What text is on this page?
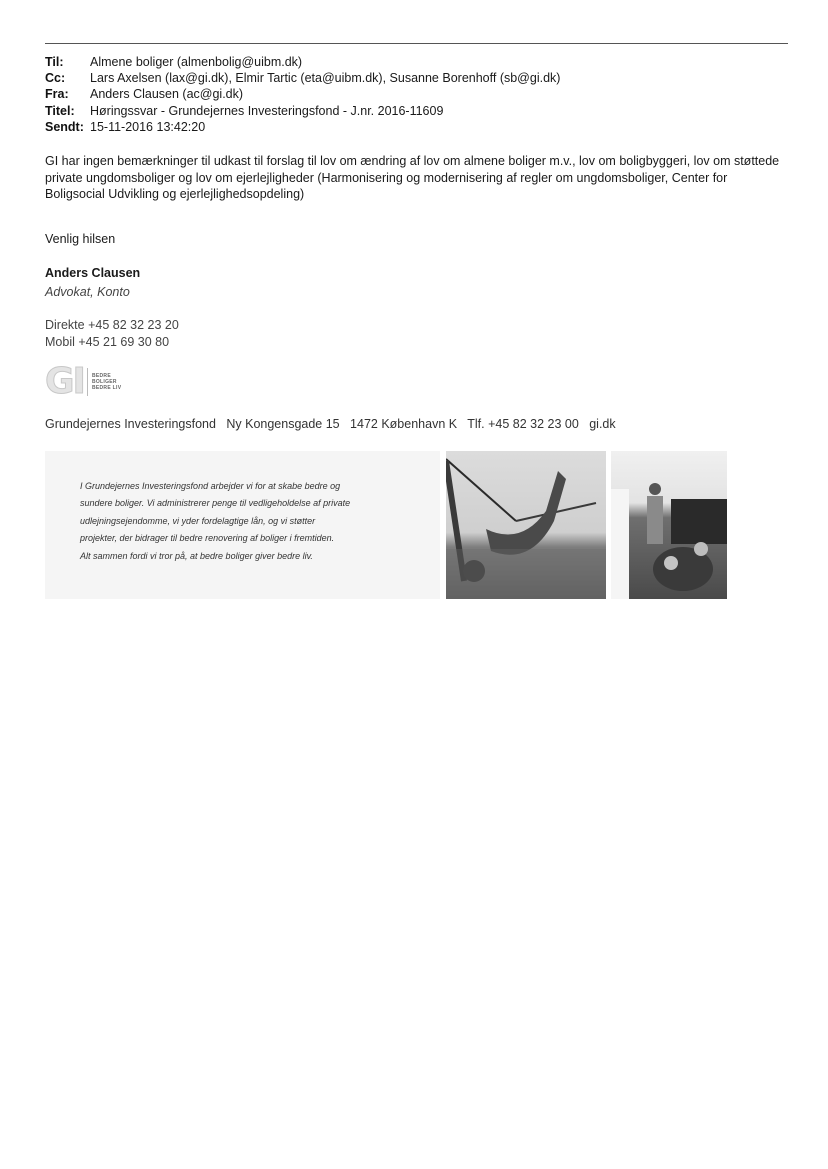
Til:	Almene boliger (almenbolig@uibm.dk)
Cc:	Lars Axelsen (lax@gi.dk), Elmir Tartic (eta@uibm.dk), Susanne Borenhoff (sb@gi.dk)
Fra:	Anders Clausen (ac@gi.dk)
Titel:	Høringssvar - Grundejernes Investeringsfond - J.nr. 2016-11609
Sendt: 15-11-2016 13:42:20
GI har ingen bemærkninger til udkast til forslag til lov om ændring af lov om almene boliger m.v., lov om boligbyggeri, lov om støttede private ungdomsboliger og lov om ejerlejligheder (Harmonisering og modernisering af regler om ungdomsboliger, Center for Boligsocial Udvikling og ejerlejlighedsopdeling)
Venlig hilsen
Anders Clausen
Advokat, Konto
Direkte +45 82 32 23 20
Mobil +45 21 69 30 80
GI BEDRE
BOLIGER
BEDRE LIV
Grundejernes Investeringsfond   Ny Kongensgade 15   1472 København K   Tlf. +45 82 32 23 00   gi.dk
I Grundejernes Investeringsfond arbejder vi for at skabe bedre og
sundere boliger. Vi administrerer penge til vedligeholdelse af private
udlejningsejendomme, vi yder fordelagtige lån, og vi støtter
projekter, der bidrager til bedre renovering af boliger i fremtiden.
Alt sammen fordi vi tror på, at bedre boliger giver bedre liv.
